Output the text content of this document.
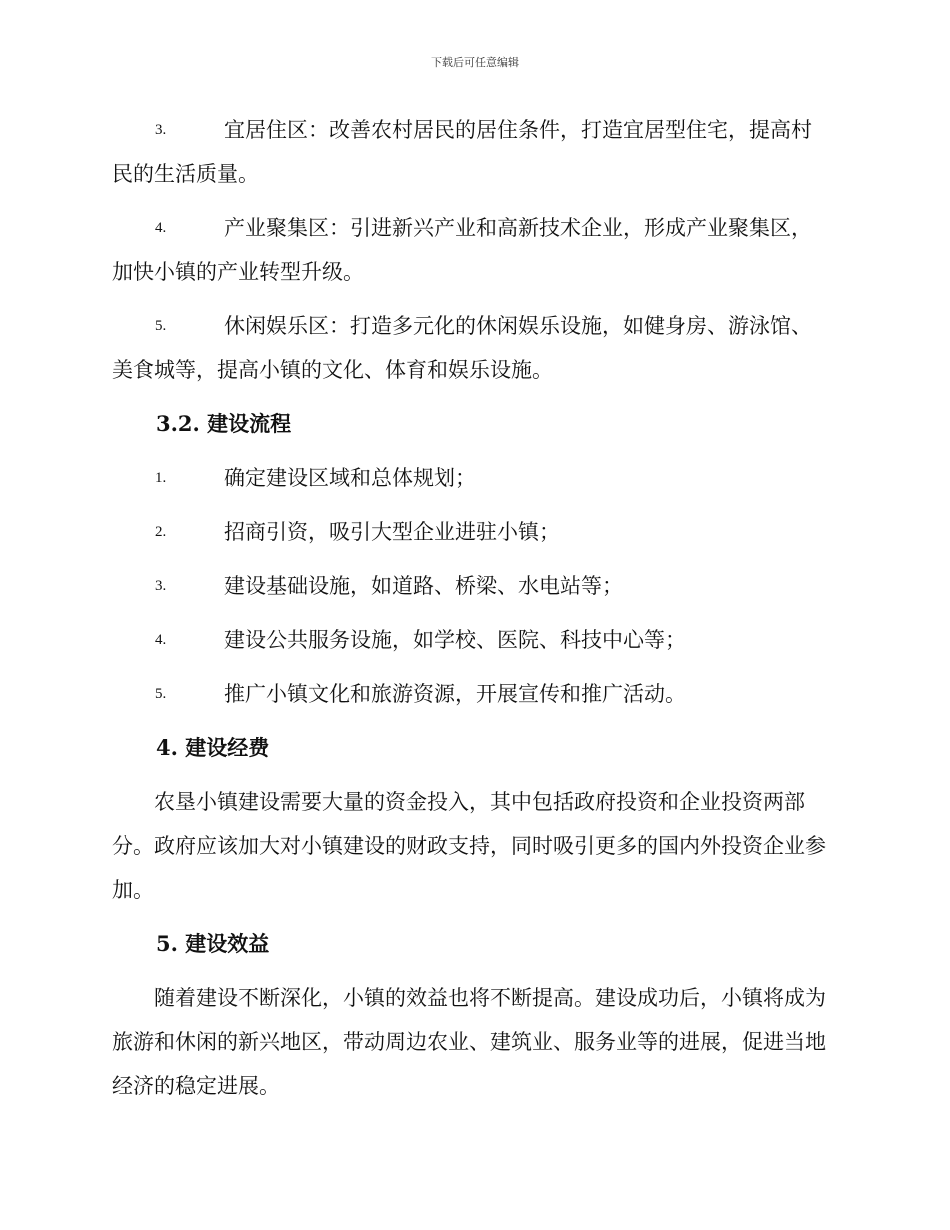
下载后可任意编辑
3.	宜居住区：改善农村居民的居住条件，打造宜居型住宅，提高村民的生活质量。
4.	产业聚集区：引进新兴产业和高新技术企业，形成产业聚集区，加快小镇的产业转型升级。
5.	休闲娱乐区：打造多元化的休闲娱乐设施，如健身房、游泳馆、美食城等，提高小镇的文化、体育和娱乐设施。
3.2. 建设流程
1.	确定建设区域和总体规划；
2.	招商引资，吸引大型企业进驻小镇；
3.	建设基础设施，如道路、桥梁、水电站等；
4.	建设公共服务设施，如学校、医院、科技中心等；
5.	推广小镇文化和旅游资源，开展宣传和推广活动。
4. 建设经费

农垦小镇建设需要大量的资金投入，其中包括政府投资和企业投资两部分。政府应该加大对小镇建设的财政支持，同时吸引更多的国内外投资企业参加。

5. 建设效益

随着建设不断深化，小镇的效益也将不断提高。建设成功后，小镇将成为旅游和休闲的新兴地区，带动周边农业、建筑业、服务业等的进展，促进当地经济的稳定进展。
